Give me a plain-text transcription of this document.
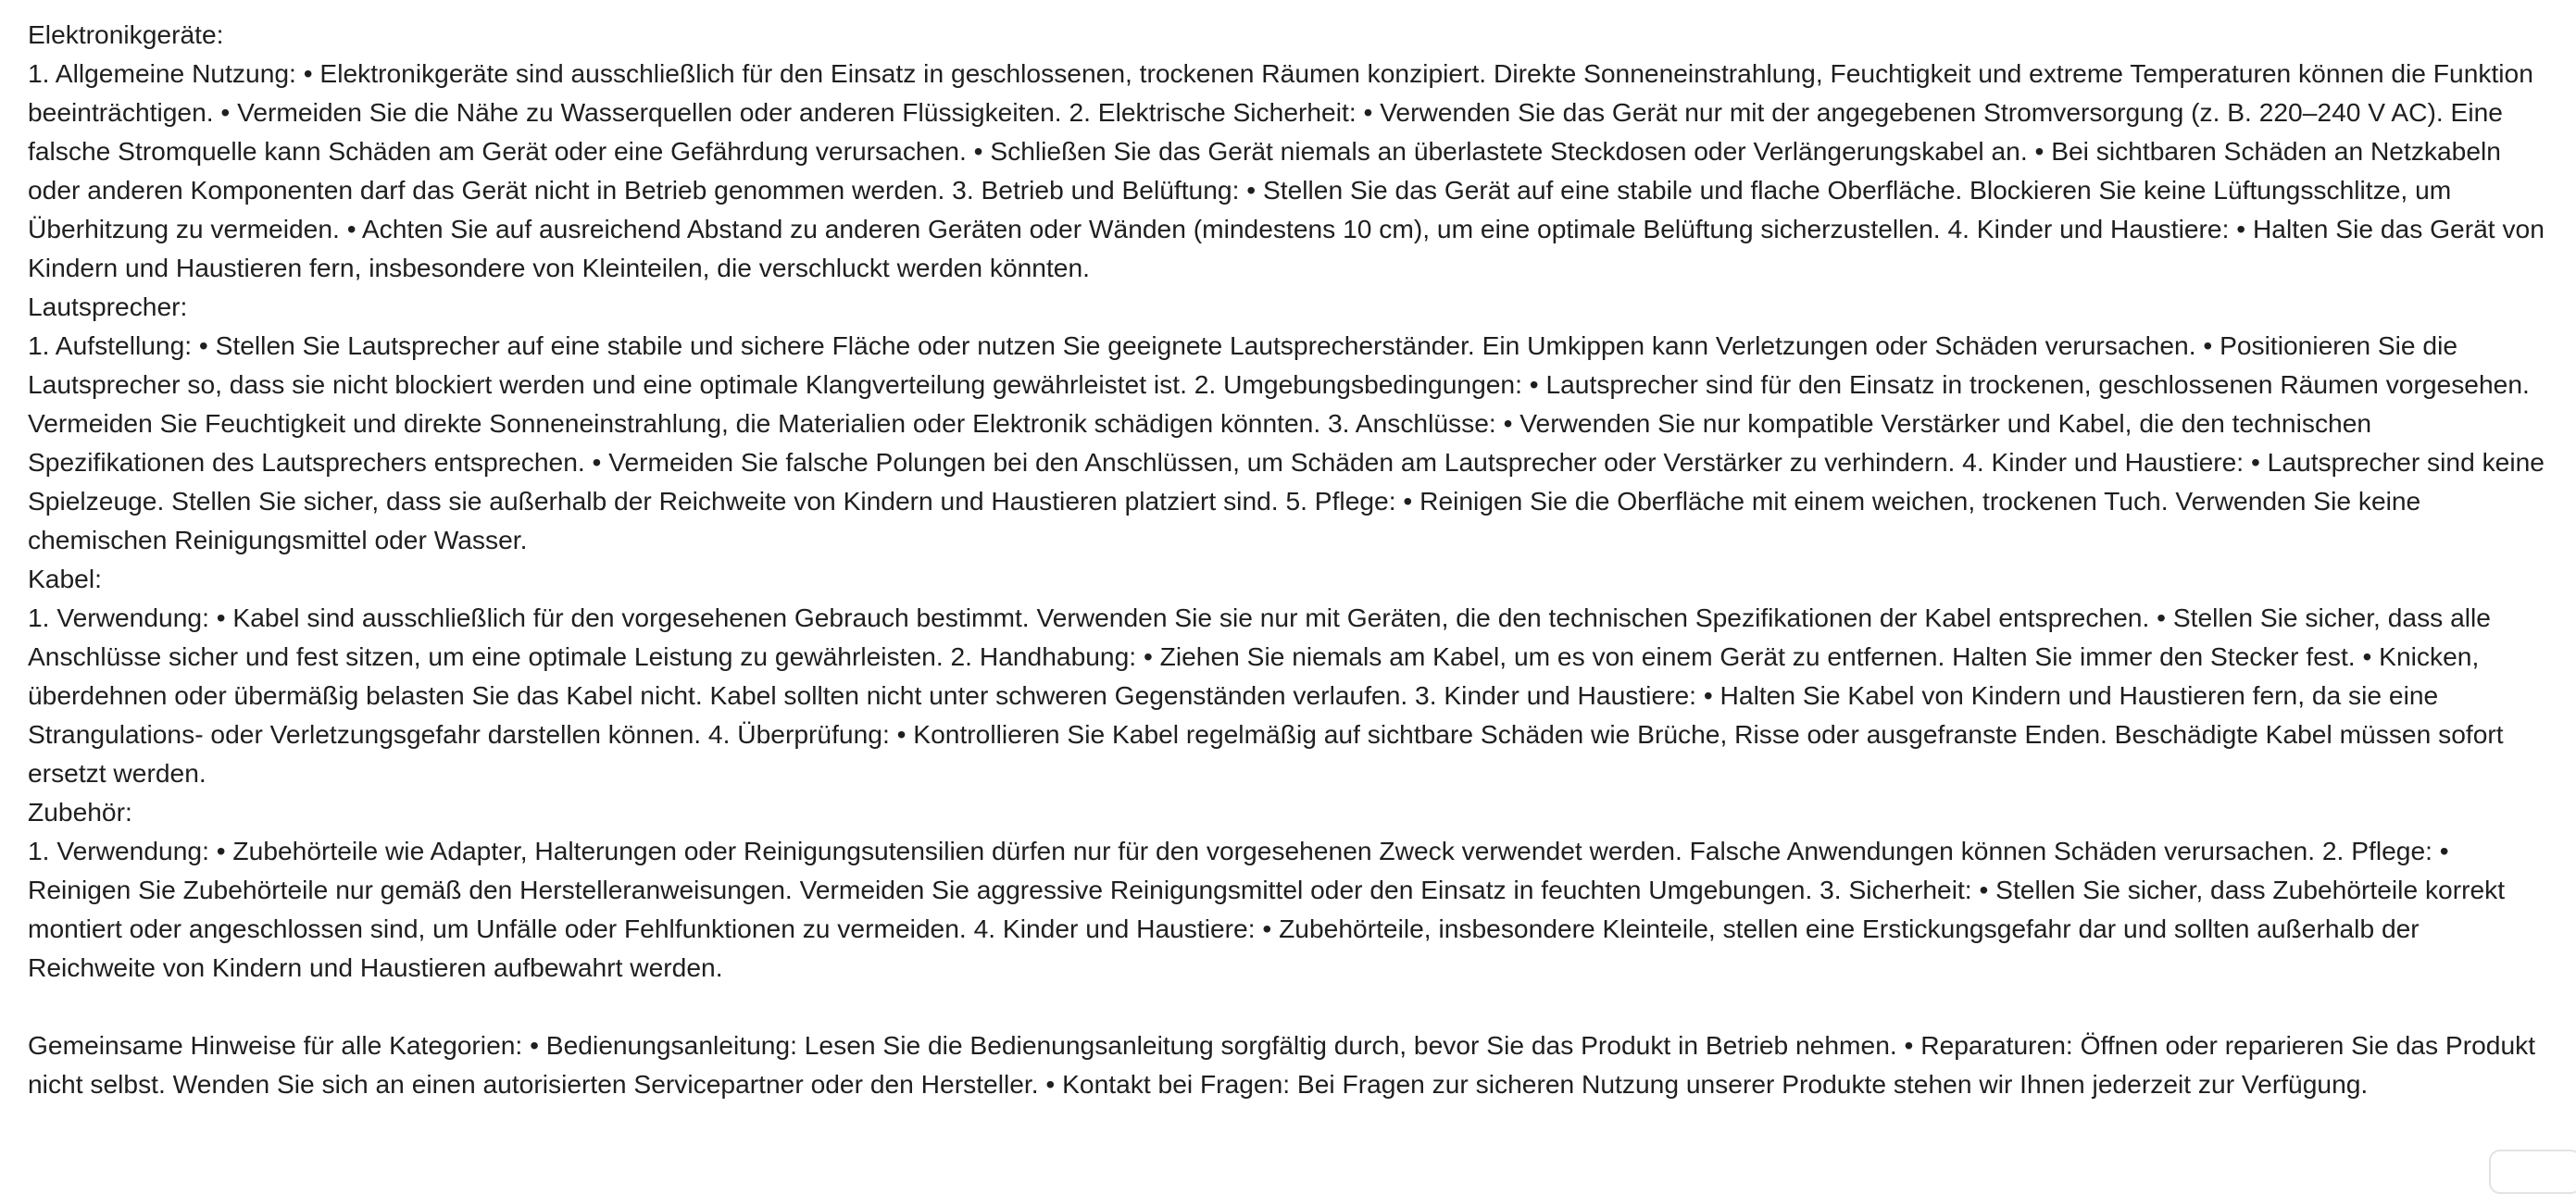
Elektronikgeräte:

1. Allgemeine Nutzung: • Elektronikgeräte sind ausschließlich für den Einsatz in geschlossenen, trockenen Räumen konzipiert. Direkte Sonneneinstrahlung, Feuchtigkeit und extreme Temperaturen können die Funktion beeinträchtigen. • Vermeiden Sie die Nähe zu Wasserquellen oder anderen Flüssigkeiten. 2. Elektrische Sicherheit: • Verwenden Sie das Gerät nur mit der angegebenen Stromversorgung (z. B. 220–240 V AC). Eine falsche Stromquelle kann Schäden am Gerät oder eine Gefährdung verursachen. • Schließen Sie das Gerät niemals an überlastete Steckdosen oder Verlängerungskabel an. • Bei sichtbaren Schäden an Netzkabeln oder anderen Komponenten darf das Gerät nicht in Betrieb genommen werden. 3. Betrieb und Belüftung: • Stellen Sie das Gerät auf eine stabile und flache Oberfläche. Blockieren Sie keine Lüftungsschlitze, um Überhitzung zu vermeiden. • Achten Sie auf ausreichend Abstand zu anderen Geräten oder Wänden (mindestens 10 cm), um eine optimale Belüftung sicherzustellen. 4. Kinder und Haustiere: • Halten Sie das Gerät von Kindern und Haustieren fern, insbesondere von Kleinteilen, die verschluckt werden könnten.

Lautsprecher:

1. Aufstellung: • Stellen Sie Lautsprecher auf eine stabile und sichere Fläche oder nutzen Sie geeignete Lautsprecherständer. Ein Umkippen kann Verletzungen oder Schäden verursachen. • Positionieren Sie die Lautsprecher so, dass sie nicht blockiert werden und eine optimale Klangverteilung gewährleistet ist. 2. Umgebungsbedingungen: • Lautsprecher sind für den Einsatz in trockenen, geschlossenen Räumen vorgesehen. Vermeiden Sie Feuchtigkeit und direkte Sonneneinstrahlung, die Materialien oder Elektronik schädigen könnten. 3. Anschlüsse: • Verwenden Sie nur kompatible Verstärker und Kabel, die den technischen Spezifikationen des Lautsprechers entsprechen. • Vermeiden Sie falsche Polungen bei den Anschlüssen, um Schäden am Lautsprecher oder Verstärker zu verhindern. 4. Kinder und Haustiere: • Lautsprecher sind keine Spielzeuge. Stellen Sie sicher, dass sie außerhalb der Reichweite von Kindern und Haustieren platziert sind. 5. Pflege: • Reinigen Sie die Oberfläche mit einem weichen, trockenen Tuch. Verwenden Sie keine chemischen Reinigungsmittel oder Wasser.

Kabel:

1. Verwendung: • Kabel sind ausschließlich für den vorgesehenen Gebrauch bestimmt. Verwenden Sie sie nur mit Geräten, die den technischen Spezifikationen der Kabel entsprechen. • Stellen Sie sicher, dass alle Anschlüsse sicher und fest sitzen, um eine optimale Leistung zu gewährleisten. 2. Handhabung: • Ziehen Sie niemals am Kabel, um es von einem Gerät zu entfernen. Halten Sie immer den Stecker fest. • Knicken, überdehnen oder übermäßig belasten Sie das Kabel nicht. Kabel sollten nicht unter schweren Gegenständen verlaufen. 3. Kinder und Haustiere: • Halten Sie Kabel von Kindern und Haustieren fern, da sie eine Strangulations- oder Verletzungsgefahr darstellen können. 4. Überprüfung: • Kontrollieren Sie Kabel regelmäßig auf sichtbare Schäden wie Brüche, Risse oder ausgefranste Enden. Beschädigte Kabel müssen sofort ersetzt werden.

Zubehör:

1. Verwendung: • Zubehörteile wie Adapter, Halterungen oder Reinigungsutensilien dürfen nur für den vorgesehenen Zweck verwendet werden. Falsche Anwendungen können Schäden verursachen. 2. Pflege: • Reinigen Sie Zubehörteile nur gemäß den Herstelleranweisungen. Vermeiden Sie aggressive Reinigungsmittel oder den Einsatz in feuchten Umgebungen. 3. Sicherheit: • Stellen Sie sicher, dass Zubehörteile korrekt montiert oder angeschlossen sind, um Unfälle oder Fehlfunktionen zu vermeiden. 4. Kinder und Haustiere: • Zubehörteile, insbesondere Kleinteile, stellen eine Erstickungsgefahr dar und sollten außerhalb der Reichweite von Kindern und Haustieren aufbewahrt werden.

Gemeinsame Hinweise für alle Kategorien: • Bedienungsanleitung: Lesen Sie die Bedienungsanleitung sorgfältig durch, bevor Sie das Produkt in Betrieb nehmen. • Reparaturen: Öffnen oder reparieren Sie das Produkt nicht selbst. Wenden Sie sich an einen autorisierten Servicepartner oder den Hersteller. • Kontakt bei Fragen: Bei Fragen zur sicheren Nutzung unserer Produkte stehen wir Ihnen jederzeit zur Verfügung.
